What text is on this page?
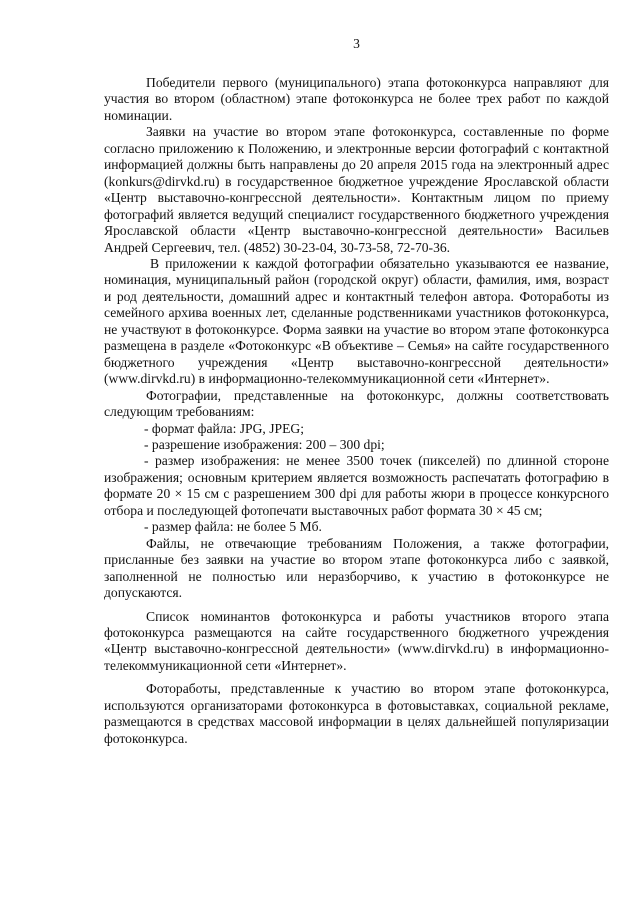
3

Победители первого (муниципального) этапа фотоконкурса направляют для участия во втором (областном) этапе фотоконкурса не более трех работ по каждой номинации.

Заявки на участие во втором этапе фотоконкурса, составленные по форме согласно приложению к Положению, и электронные версии фотографий с контактной информацией должны быть направлены до 20 апреля 2015 года на электронный адрес (konkurs@dirvkd.ru) в государственное бюджетное учреждение Ярославской области «Центр выставочно-конгрессной деятельности». Контактным лицом по приему фотографий является ведущий специалист государственного бюджетного учреждения Ярославской области «Центр выставочно-конгрессной деятельности» Васильев Андрей Сергеевич, тел. (4852) 30-23-04, 30-73-58, 72-70-36.

В приложении к каждой фотографии обязательно указываются ее название, номинация, муниципальный район (городской округ) области, фамилия, имя, возраст и род деятельности, домашний адрес и контактный телефон автора. Фотоработы из семейного архива военных лет, сделанные родственниками участников фотоконкурса, не участвуют в фотоконкурсе. Форма заявки на участие во втором этапе фотоконкурса размещена в разделе «Фотоконкурс «В объективе – Семья» на сайте государственного бюджетного учреждения «Центр выставочно-конгрессной деятельности» (www.dirvkd.ru) в информационно-телекоммуникационной сети «Интернет».

Фотографии, представленные на фотоконкурс, должны соответствовать следующим требованиям:

- формат файла: JPG, JPEG;

- разрешение изображения: 200 – 300 dpi;

- размер изображения: не менее 3500 точек (пикселей) по длинной стороне изображения; основным критерием является возможность распечатать фотографию в формате 20 × 15 см с разрешением 300 dpi для работы жюри в процессе конкурсного отбора и последующей фотопечати выставочных работ формата 30 × 45 см;

- размер файла: не более 5 Мб.

Файлы, не отвечающие требованиям Положения, а также фотографии, присланные без заявки на участие во втором этапе фотоконкурса либо с заявкой, заполненной не полностью или неразборчиво, к участию в фотоконкурсе не допускаются.

Список номинантов фотоконкурса и работы участников второго этапа фотоконкурса размещаются на сайте государственного бюджетного учреждения «Центр выставочно-конгрессной деятельности» (www.dirvkd.ru) в информационно-телекоммуникационной сети «Интернет».

Фотоработы, представленные к участию во втором этапе фотоконкурса, используются организаторами фотоконкурса в фотовыставках, социальной рекламе, размещаются в средствах массовой информации в целях дальнейшей популяризации фотоконкурса.
